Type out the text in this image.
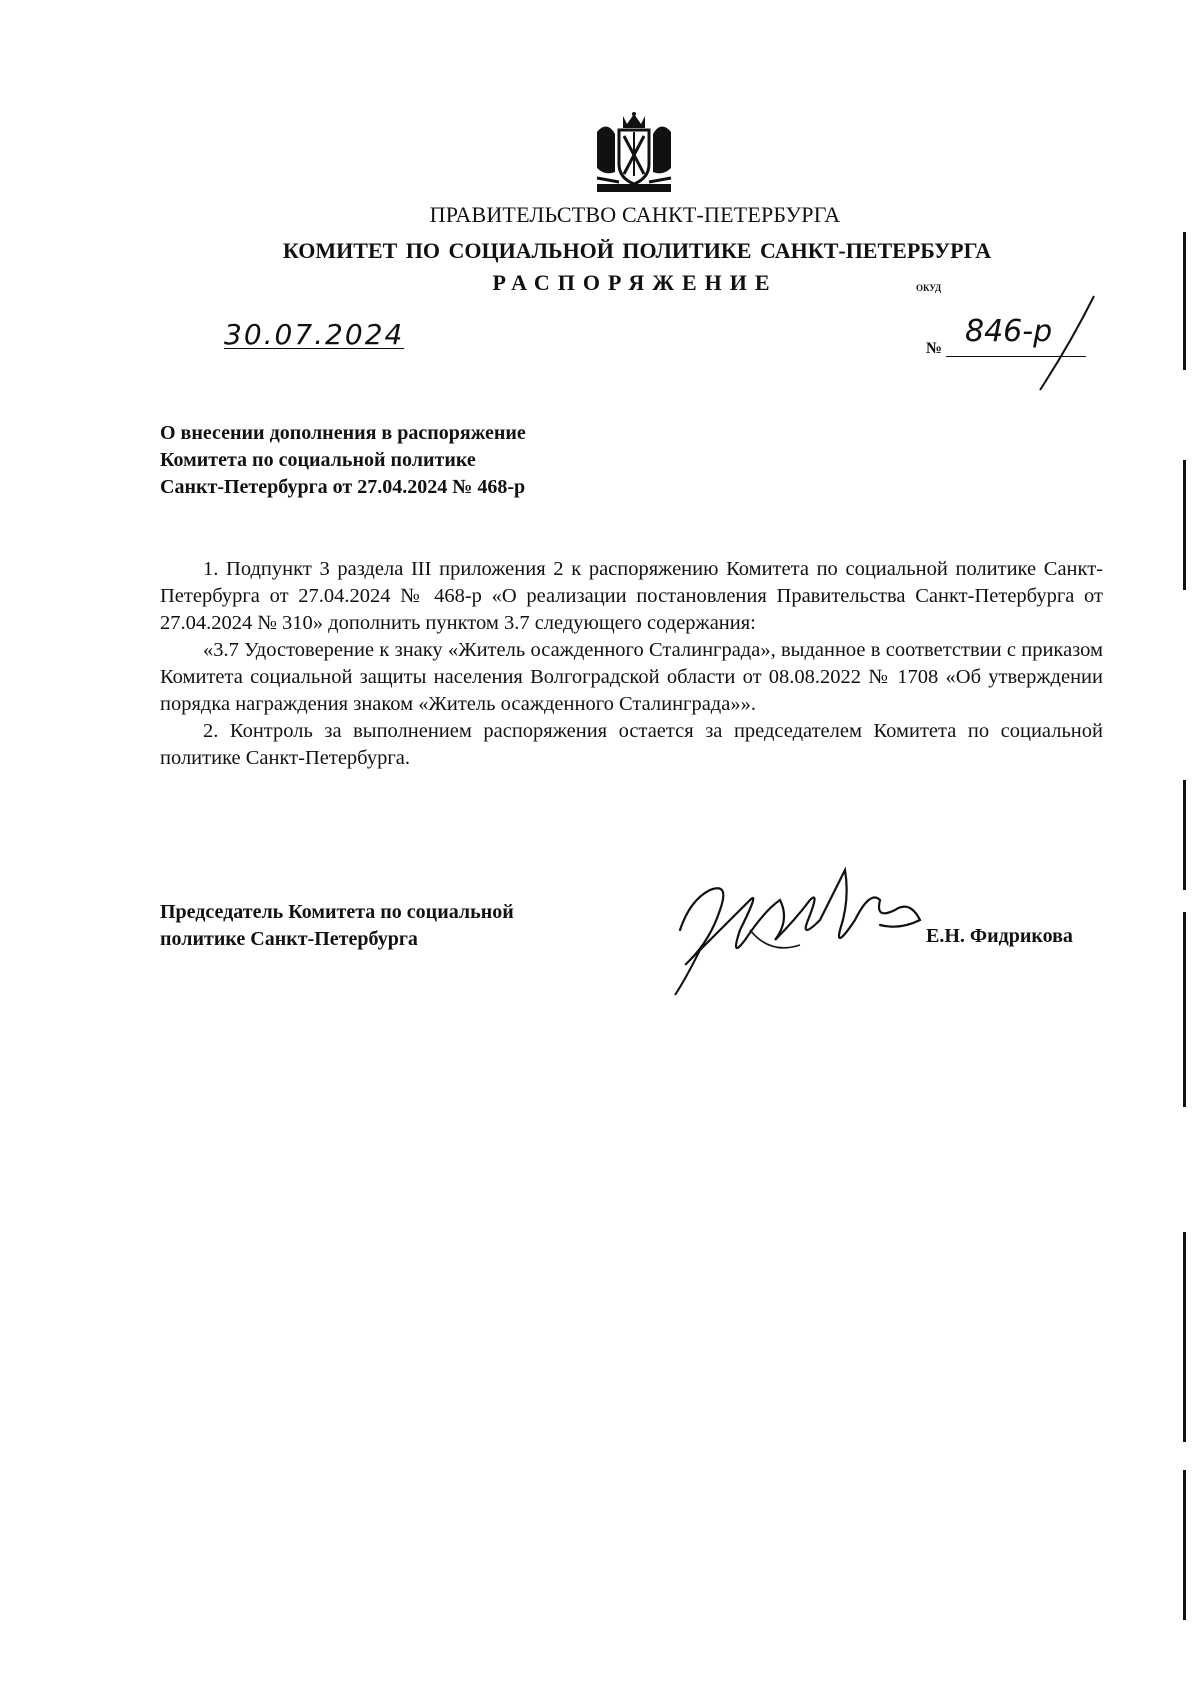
ПРАВИТЕЛЬСТВО САНКТ-ПЕТЕРБУРГА
КОМИТЕТ ПО СОЦИАЛЬНОЙ ПОЛИТИКЕ САНКТ-ПЕТЕРБУРГА
РАСПОРЯЖЕНИЕ	ОКУД
30.07.2024	№ 846-р
О внесении дополнения в распоряжение
Комитета по социальной политике
Санкт-Петербурга от 27.04.2024 № 468-р

1. Подпункт 3 раздела III приложения 2 к распоряжению Комитета по социальной политике Санкт-Петербурга от 27.04.2024 № 468-р «О реализации постановления Правительства Санкт-Петербурга от 27.04.2024 № 310» дополнить пунктом 3.7 следующего содержания:

«3.7 Удостоверение к знаку «Житель осажденного Сталинграда», выданное в соответствии с приказом Комитета социальной защиты населения Волгоградской области от 08.08.2022 № 1708 «Об утверждении порядка награждения знаком «Житель осажденного Сталинграда»».

2. Контроль за выполнением распоряжения остается за председателем Комитета по социальной политике Санкт-Петербурга.

Председатель Комитета по социальной
политике Санкт-Петербурга	Е.Н. Фидрикова
